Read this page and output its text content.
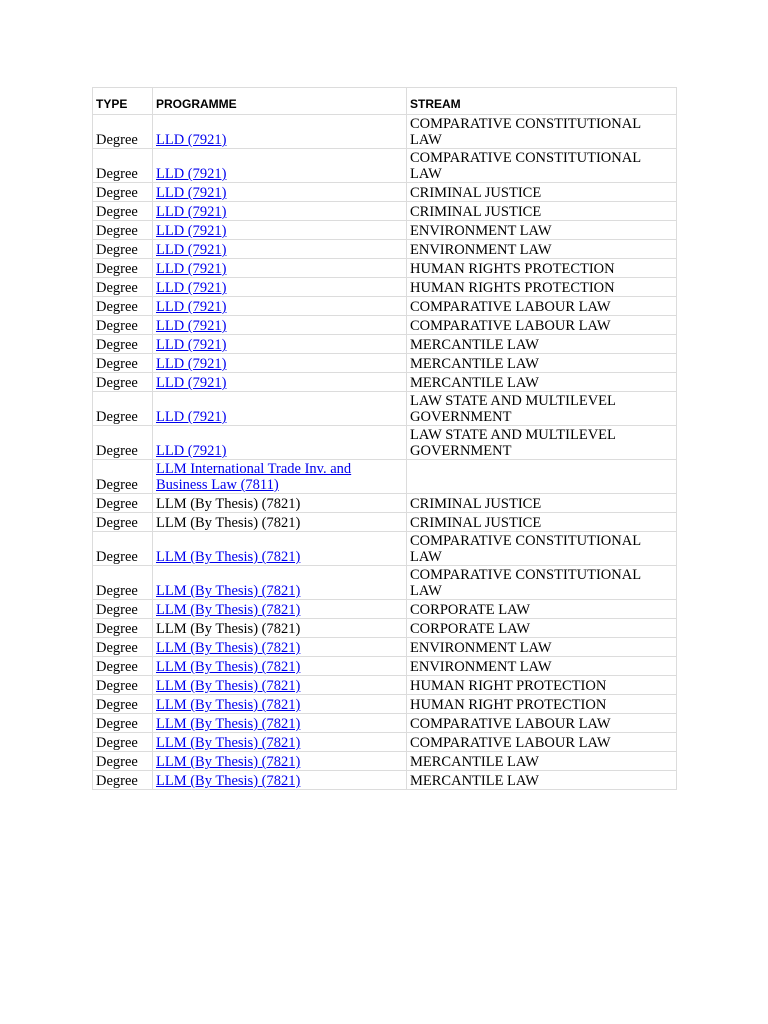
TYPE	PROGRAMME	STREAM
Degree	LLD (7921)	COMPARATIVE CONSTITUTIONAL LAW
Degree	LLD (7921)	COMPARATIVE CONSTITUTIONAL LAW
Degree	LLD (7921)	CRIMINAL JUSTICE
Degree	LLD (7921)	CRIMINAL JUSTICE
Degree	LLD (7921)	ENVIRONMENT LAW
Degree	LLD (7921)	ENVIRONMENT LAW
Degree	LLD (7921)	HUMAN RIGHTS PROTECTION
Degree	LLD (7921)	HUMAN RIGHTS PROTECTION
Degree	LLD (7921)	COMPARATIVE LABOUR LAW
Degree	LLD (7921)	COMPARATIVE LABOUR LAW
Degree	LLD (7921)	MERCANTILE LAW
Degree	LLD (7921)	MERCANTILE LAW
Degree	LLD (7921)	MERCANTILE LAW
Degree	LLD (7921)	LAW STATE AND MULTILEVEL GOVERNMENT
Degree	LLD (7921)	LAW STATE AND MULTILEVEL GOVERNMENT
Degree	LLM International Trade Inv. and Business Law (7811)	
Degree	LLM (By Thesis) (7821)	CRIMINAL JUSTICE
Degree	LLM (By Thesis) (7821)	CRIMINAL JUSTICE
Degree	LLM (By Thesis) (7821)	COMPARATIVE CONSTITUTIONAL LAW
Degree	LLM (By Thesis) (7821)	COMPARATIVE CONSTITUTIONAL LAW
Degree	LLM (By Thesis) (7821)	CORPORATE LAW
Degree	LLM (By Thesis) (7821)	CORPORATE LAW
Degree	LLM (By Thesis) (7821)	ENVIRONMENT LAW
Degree	LLM (By Thesis) (7821)	ENVIRONMENT LAW
Degree	LLM (By Thesis) (7821)	HUMAN RIGHT PROTECTION
Degree	LLM (By Thesis) (7821)	HUMAN RIGHT PROTECTION
Degree	LLM (By Thesis) (7821)	COMPARATIVE LABOUR LAW
Degree	LLM (By Thesis) (7821)	COMPARATIVE LABOUR LAW
Degree	LLM (By Thesis) (7821)	MERCANTILE LAW
Degree	LLM (By Thesis) (7821)	MERCANTILE LAW
